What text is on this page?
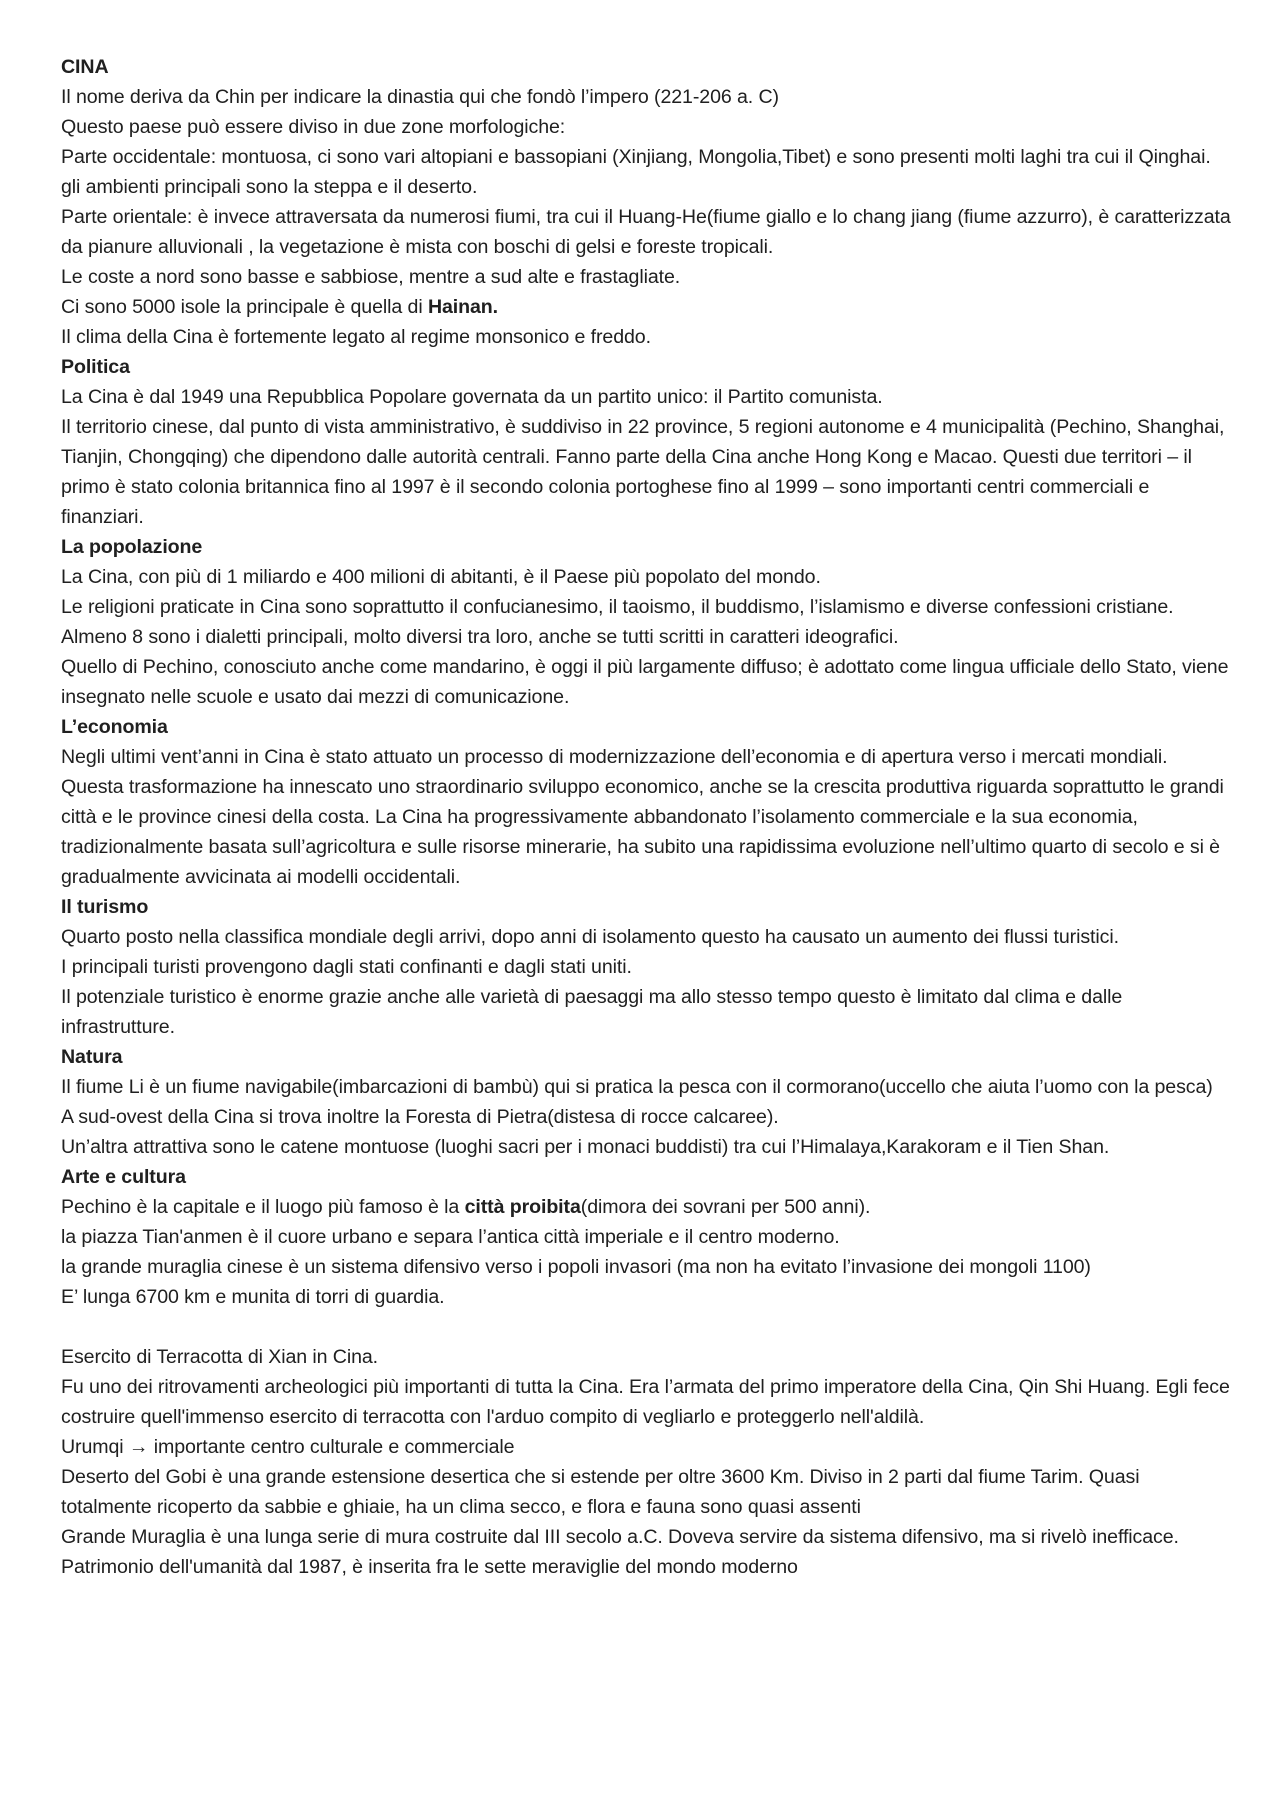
CINA

Il nome deriva da Chin per indicare la dinastia qui che fondò l’impero (221-206 a. C)

Questo paese può essere diviso in due zone morfologiche:

Parte occidentale: montuosa, ci sono vari altopiani e bassopiani (Xinjiang, Mongolia,Tibet) e sono presenti molti laghi tra cui il Qinghai.

gli ambienti principali sono la steppa e il deserto.

Parte orientale: è invece attraversata da numerosi fiumi, tra cui il Huang-He(fiume giallo e lo chang jiang (fiume azzurro), è caratterizzata da pianure alluvionali , la vegetazione è mista con boschi di gelsi e foreste tropicali.

Le coste a nord sono basse e sabbiose, mentre a sud alte e frastagliate.

Ci sono 5000 isole la principale è quella di Hainan.

Il clima della Cina è fortemente legato al regime monsonico e freddo.

Politica

La Cina è dal 1949 una Repubblica Popolare governata da un partito unico: il Partito comunista.

Il territorio cinese, dal punto di vista amministrativo, è suddiviso in 22 province, 5 regioni autonome e 4 municipalità (Pechino, Shanghai, Tianjin, Chongqing) che dipendono dalle autorità centrali. Fanno parte della Cina anche Hong Kong e Macao. Questi due territori – il primo è stato colonia britannica fino al 1997 è il secondo colonia portoghese fino al 1999 – sono importanti centri commerciali e finanziari.

La popolazione

La Cina, con più di 1 miliardo e 400 milioni di abitanti, è il Paese più popolato del mondo.

Le religioni praticate in Cina sono soprattutto il confucianesimo, il taoismo, il buddismo, l’islamismo e diverse confessioni cristiane.

Almeno 8 sono i dialetti principali, molto diversi tra loro, anche se tutti scritti in caratteri ideografici.

Quello di Pechino, conosciuto anche come mandarino, è oggi il più largamente diffuso; è adottato come lingua ufficiale dello Stato, viene insegnato nelle scuole e usato dai mezzi di comunicazione.

L’economia

Negli ultimi vent’anni in Cina è stato attuato un processo di modernizzazione dell’economia e di apertura verso i mercati mondiali.

Questa trasformazione ha innescato uno straordinario sviluppo economico, anche se la crescita produttiva riguarda soprattutto le grandi città e le province cinesi della costa. La Cina ha progressivamente abbandonato l’isolamento commerciale e la sua economia, tradizionalmente basata sull’agricoltura e sulle risorse minerarie, ha subito una rapidissima evoluzione nell’ultimo quarto di secolo e si è gradualmente avvicinata ai modelli occidentali.

Il turismo

Quarto posto nella classifica mondiale degli arrivi, dopo anni di isolamento questo ha causato un aumento dei flussi turistici.

I principali turisti provengono dagli stati confinanti e dagli stati uniti.

Il potenziale turistico è enorme grazie anche alle varietà di paesaggi ma allo stesso tempo questo è limitato dal clima e dalle infrastrutture.

Natura

Il fiume Li è un fiume navigabile(imbarcazioni di bambù) qui si pratica la pesca con il cormorano(uccello che aiuta l’uomo con la pesca)

A sud-ovest della Cina si trova inoltre la Foresta di Pietra(distesa di rocce calcaree).

Un’altra attrattiva sono le catene montuose (luoghi sacri per i monaci buddisti) tra cui l’Himalaya,Karakoram e il Tien Shan.

Arte e cultura

Pechino è la capitale e il luogo più famoso è la città proibita(dimora dei sovrani per 500 anni).

la piazza Tian'anmen è il cuore urbano e separa l’antica città imperiale e il centro moderno.

la grande muraglia cinese è un sistema difensivo verso i popoli invasori (ma non ha evitato l’invasione dei mongoli 1100)

E’ lunga 6700 km e munita di torri di guardia.

Esercito di Terracotta di Xian in Cina.

Fu uno dei ritrovamenti archeologici più importanti di tutta la Cina. Era l’armata del primo imperatore della Cina, Qin Shi Huang. Egli fece costruire quell'immenso esercito di terracotta con l'arduo compito di vegliarlo e proteggerlo nell'aldilà.

Urumqi → importante centro culturale e commerciale

Deserto del Gobi è una grande estensione desertica che si estende per oltre 3600 Km. Diviso in 2 parti dal fiume Tarim. Quasi totalmente ricoperto da sabbie e ghiaie, ha un clima secco, e flora e fauna sono quasi assenti

Grande Muraglia è una lunga serie di mura costruite dal III secolo a.C. Doveva servire da sistema difensivo, ma si rivelò inefficace. Patrimonio dell'umanità dal 1987, è inserita fra le sette meraviglie del mondo moderno
